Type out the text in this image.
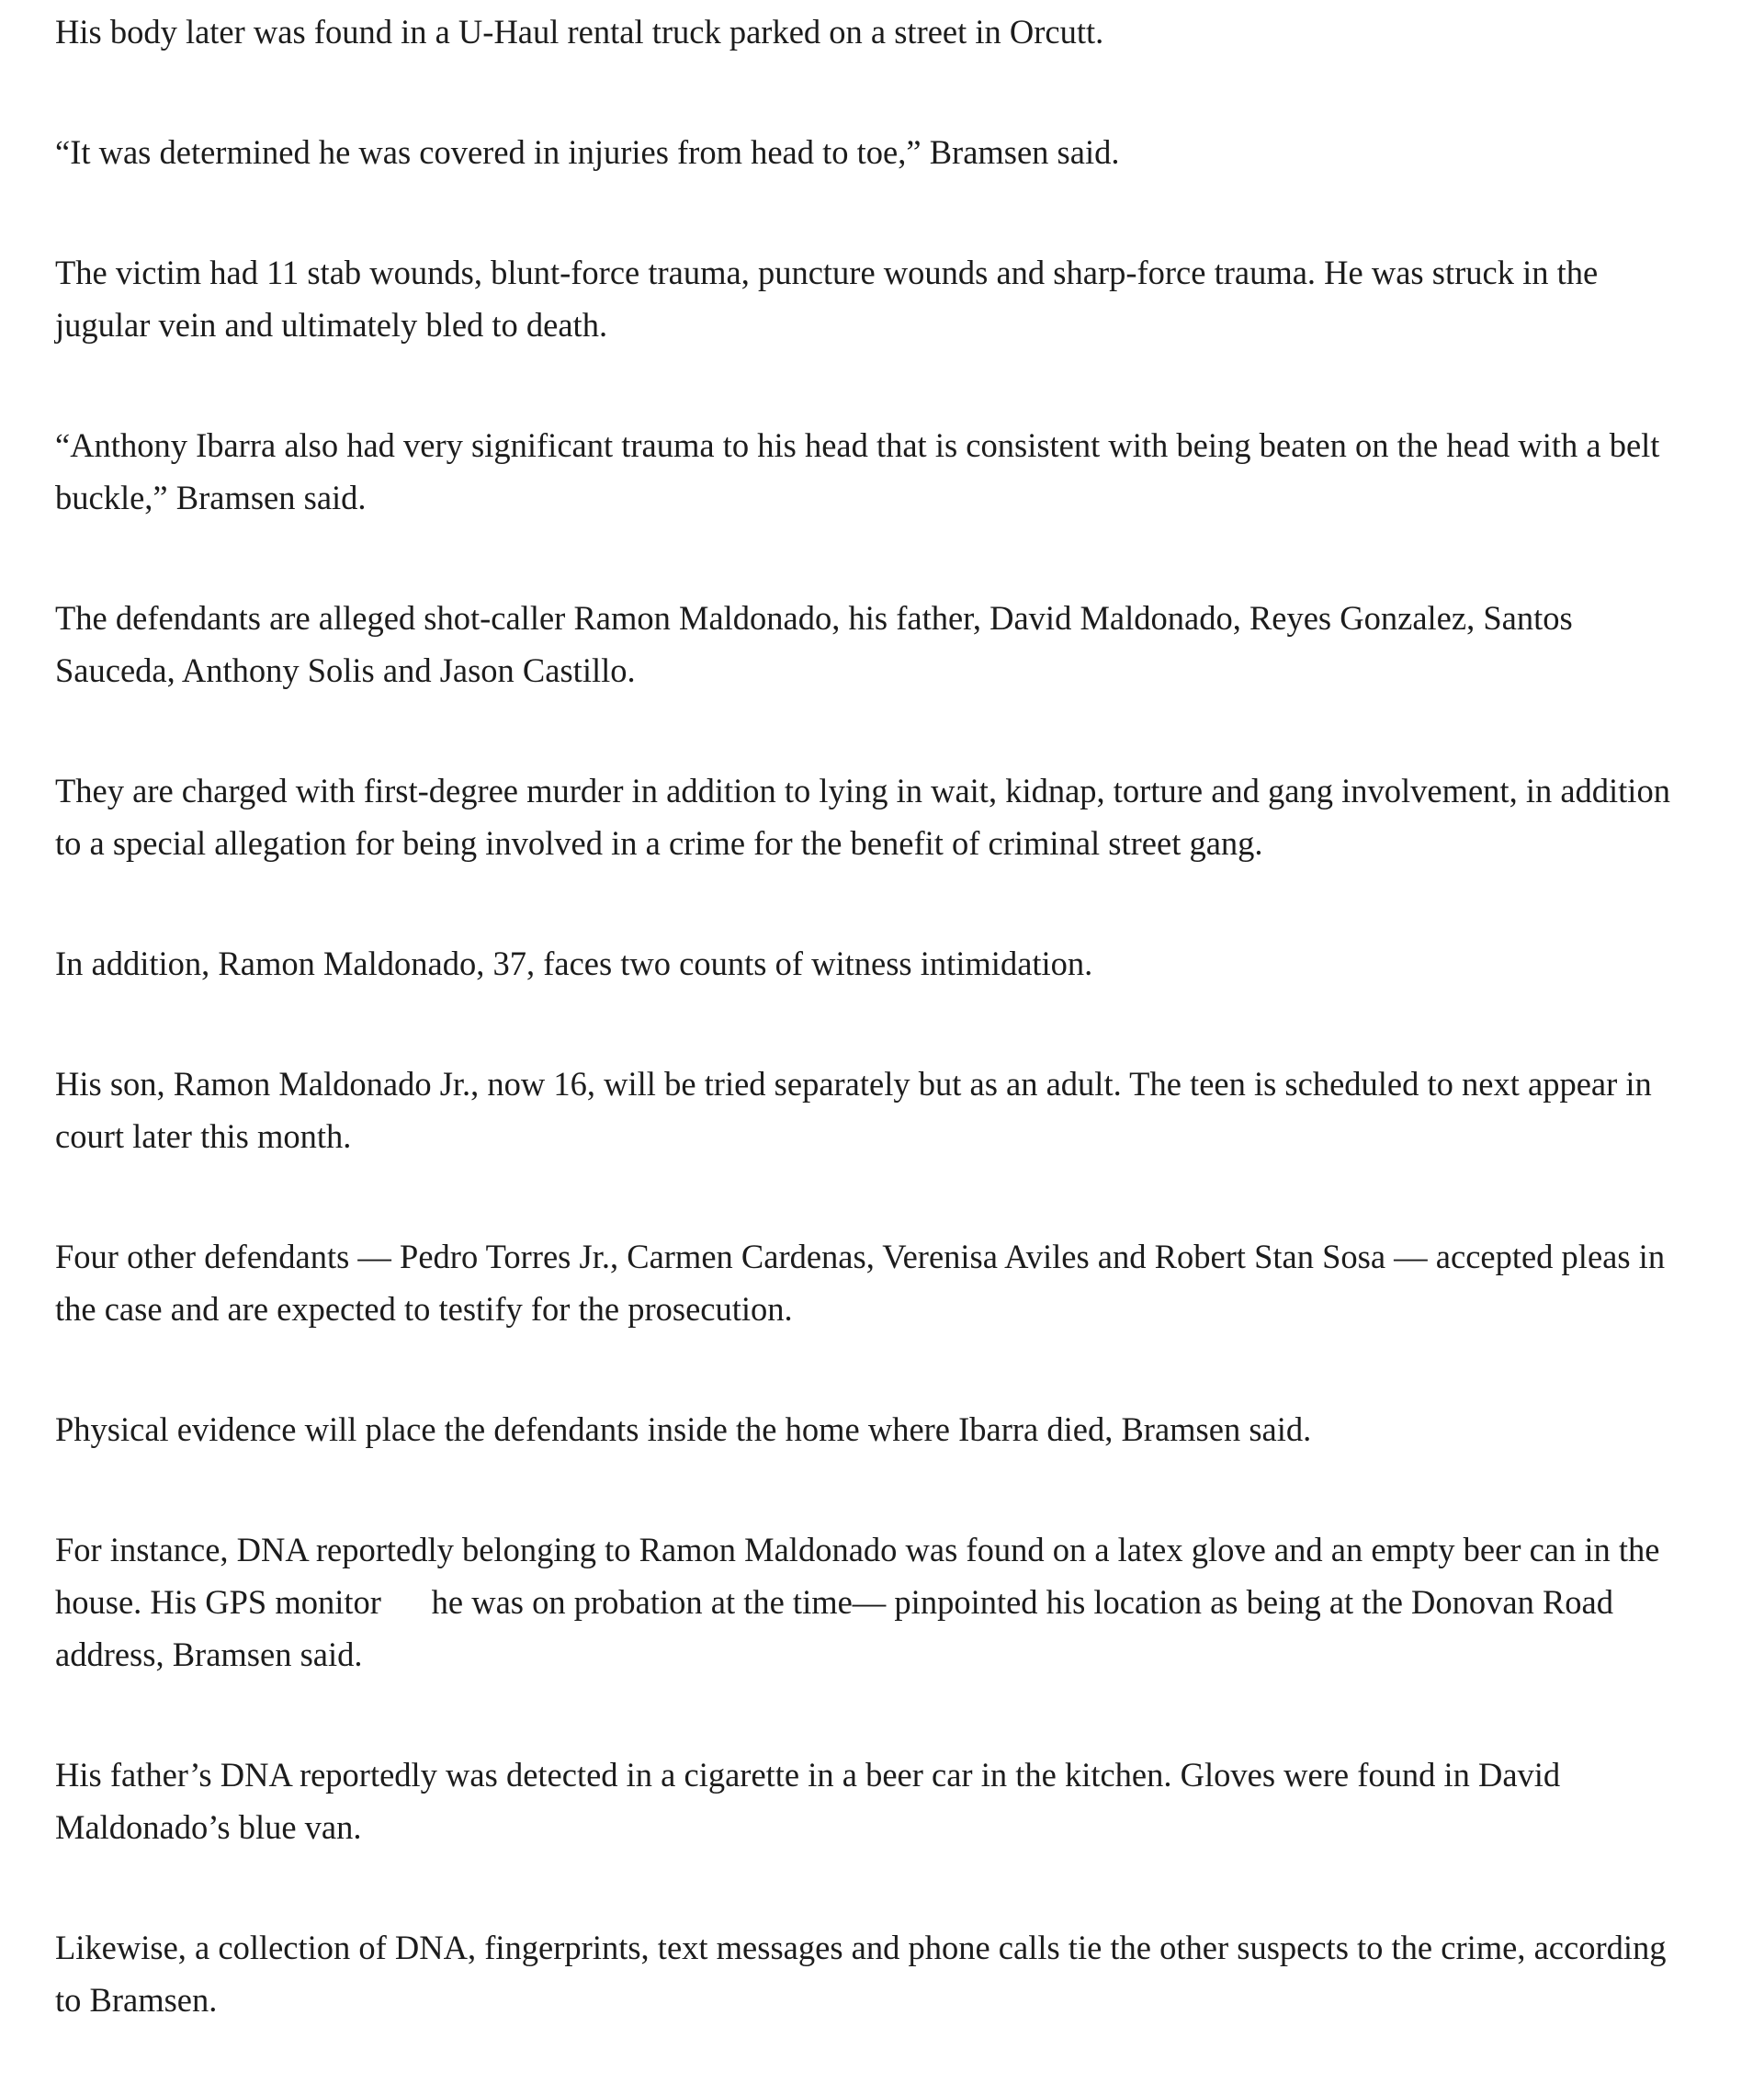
His body later was found in a U-Haul rental truck parked on a street in Orcutt.

“It was determined he was covered in injuries from head to toe,” Bramsen said.

The victim had 11 stab wounds, blunt-force trauma, puncture wounds and sharp-force trauma. He was struck in the jugular vein and ultimately bled to death.

“Anthony Ibarra also had very significant trauma to his head that is consistent with being beaten on the head with a belt buckle,” Bramsen said.

The defendants are alleged shot-caller Ramon Maldonado, his father, David Maldonado, Reyes Gonzalez, Santos Sauceda, Anthony Solis and Jason Castillo.

They are charged with first-degree murder in addition to lying in wait, kidnap, torture and gang involvement, in addition to a special allegation for being involved in a crime for the benefit of criminal street gang.

In addition, Ramon Maldonado, 37, faces two counts of witness intimidation.

His son, Ramon Maldonado Jr., now 16, will be tried separately but as an adult. The teen is scheduled to next appear in court later this month.

Four other defendants — Pedro Torres Jr., Carmen Cardenas, Verenisa Aviles and Robert Stan Sosa — accepted pleas in the case and are expected to testify for the prosecution.

Physical evidence will place the defendants inside the home where Ibarra died, Bramsen said.

For instance, DNA reportedly belonging to Ramon Maldonado was found on a latex glove and an empty beer can in the house. His GPS monitor      he was on probation at the time— pinpointed his location as being at the Donovan Road address, Bramsen said.

His father’s DNA reportedly was detected in a cigarette in a beer car in the kitchen. Gloves were found in David Maldonado’s blue van.

Likewise, a collection of DNA, fingerprints, text messages and phone calls tie the other suspects to the crime, according to Bramsen.
